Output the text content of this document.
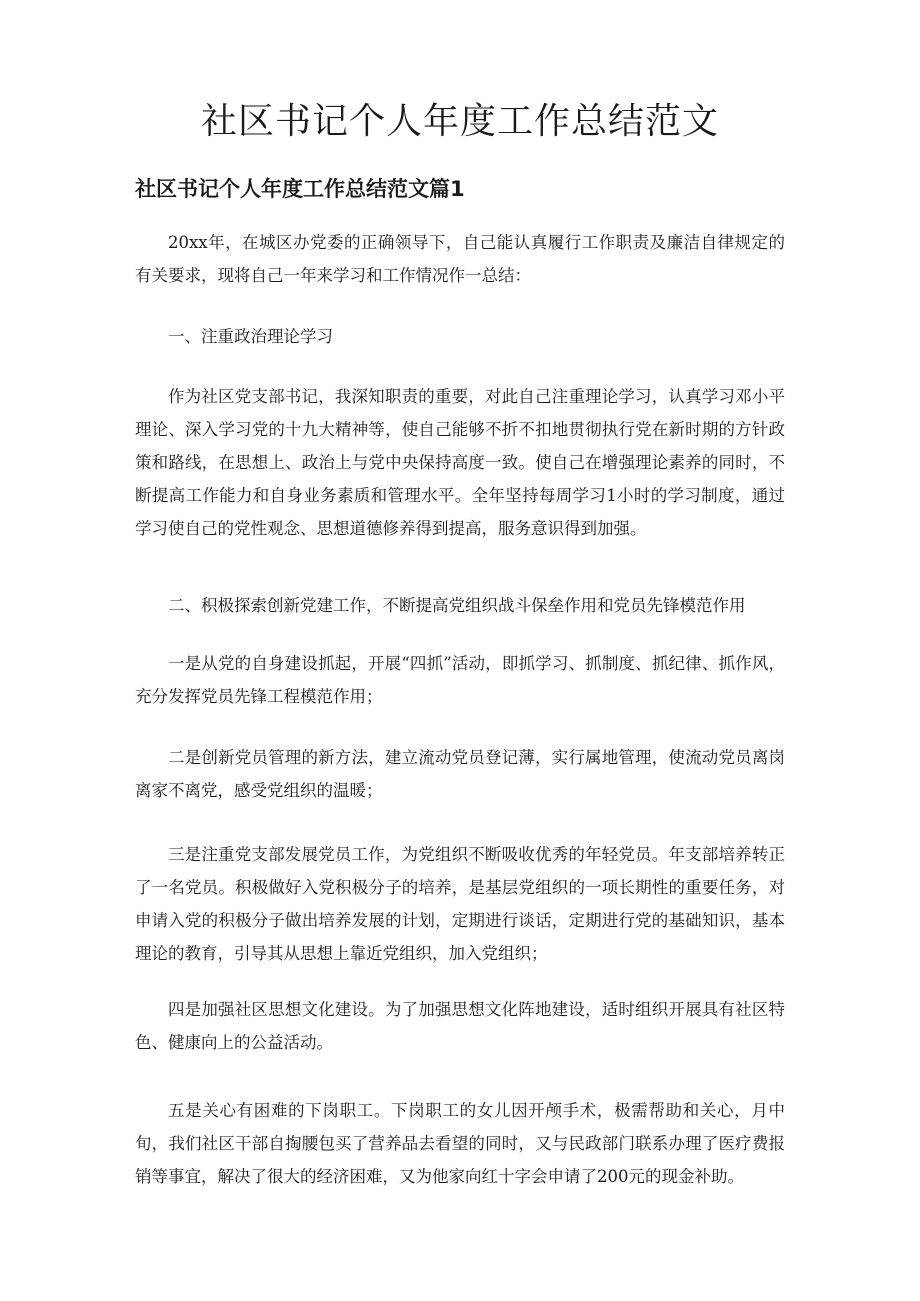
社区书记个人年度工作总结范文
社区书记个人年度工作总结范文篇1

20xx年，在城区办党委的正确领导下，自己能认真履行工作职责及廉洁自律规定的有关要求，现将自己一年来学习和工作情况作一总结：

一、注重政治理论学习

作为社区党支部书记，我深知职责的重要，对此自己注重理论学习，认真学习邓小平理论、深入学习党的十九大精神等，使自己能够不折不扣地贯彻执行党在新时期的方针政策和路线，在思想上、政治上与党中央保持高度一致。使自己在增强理论素养的同时，不断提高工作能力和自身业务素质和管理水平。全年坚持每周学习1小时的学习制度，通过学习使自己的党性观念、思想道德修养得到提高，服务意识得到加强。

二、积极探索创新党建工作，不断提高党组织战斗保垒作用和党员先锋模范作用

一是从党的自身建设抓起，开展“四抓”活动，即抓学习、抓制度、抓纪律、抓作风，充分发挥党员先锋工程模范作用；

二是创新党员管理的新方法，建立流动党员登记薄，实行属地管理，使流动党员离岗离家不离党，感受党组织的温暖；

三是注重党支部发展党员工作，为党组织不断吸收优秀的年轻党员。年支部培养转正了一名党员。积极做好入党积极分子的培养，是基层党组织的一项长期性的重要任务，对申请入党的积极分子做出培养发展的计划，定期进行谈话，定期进行党的基础知识，基本理论的教育，引导其从思想上靠近党组织，加入党组织；

四是加强社区思想文化建设。为了加强思想文化阵地建设，适时组织开展具有社区特色、健康向上的公益活动。

五是关心有困难的下岗职工。下岗职工的女儿因开颅手术，极需帮助和关心，月中旬，我们社区干部自掏腰包买了营养品去看望的同时，又与民政部门联系办理了医疗费报销等事宜，解决了很大的经济困难，又为他家向红十字会申请了200元的现金补助。
